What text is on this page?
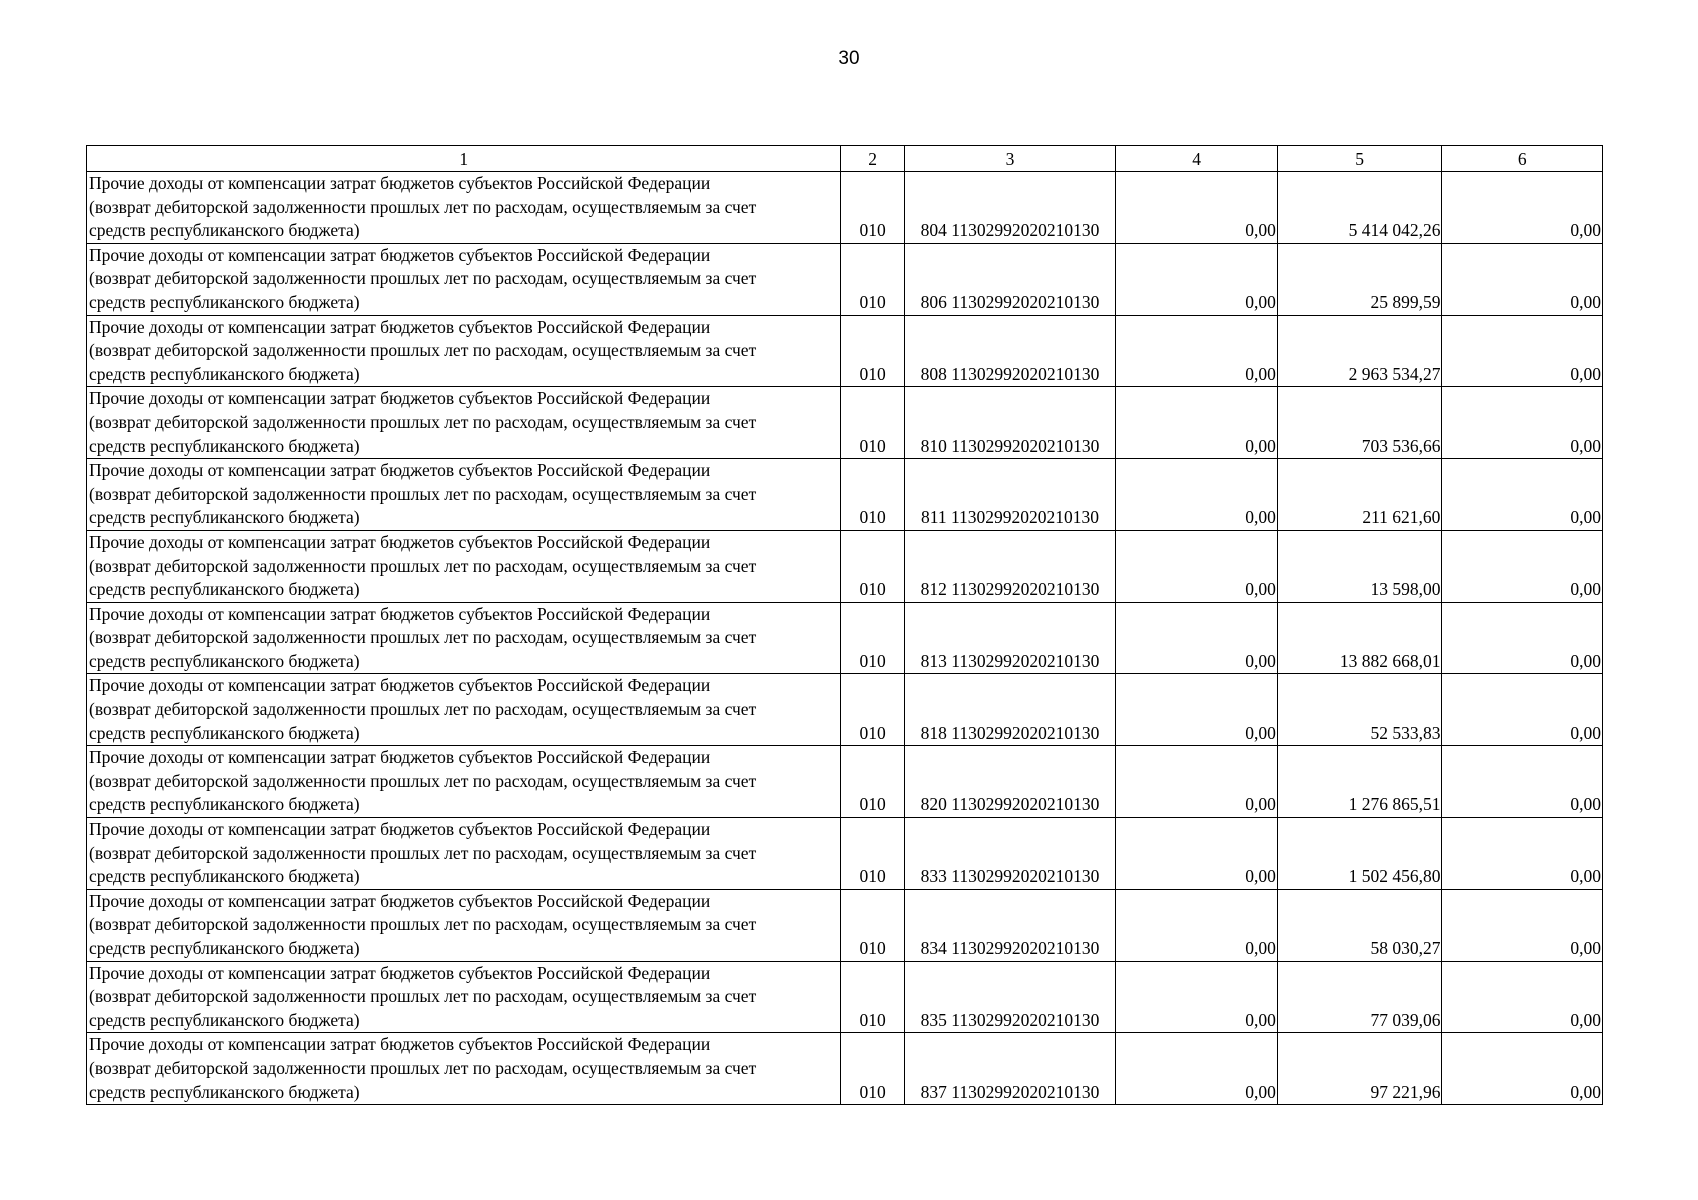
30
1	2	3	4	5	6

Прочие доходы от компенсации затрат бюджетов субъектов Российской Федерации
(возврат дебиторской задолженности прошлых лет по расходам, осуществляемым за счет
средств республиканского бюджета)	010	804 11302992020210130	0,00	5 414 042,26	0,00

Прочие доходы от компенсации затрат бюджетов субъектов Российской Федерации
(возврат дебиторской задолженности прошлых лет по расходам, осуществляемым за счет
средств республиканского бюджета)	010	806 11302992020210130	0,00	25 899,59	0,00

Прочие доходы от компенсации затрат бюджетов субъектов Российской Федерации
(возврат дебиторской задолженности прошлых лет по расходам, осуществляемым за счет
средств республиканского бюджета)	010	808 11302992020210130	0,00	2 963 534,27	0,00

Прочие доходы от компенсации затрат бюджетов субъектов Российской Федерации
(возврат дебиторской задолженности прошлых лет по расходам, осуществляемым за счет
средств республиканского бюджета)	010	810 11302992020210130	0,00	703 536,66	0,00

Прочие доходы от компенсации затрат бюджетов субъектов Российской Федерации
(возврат дебиторской задолженности прошлых лет по расходам, осуществляемым за счет
средств республиканского бюджета)	010	811 11302992020210130	0,00	211 621,60	0,00

Прочие доходы от компенсации затрат бюджетов субъектов Российской Федерации
(возврат дебиторской задолженности прошлых лет по расходам, осуществляемым за счет
средств республиканского бюджета)	010	812 11302992020210130	0,00	13 598,00	0,00

Прочие доходы от компенсации затрат бюджетов субъектов Российской Федерации
(возврат дебиторской задолженности прошлых лет по расходам, осуществляемым за счет
средств республиканского бюджета)	010	813 11302992020210130	0,00	13 882 668,01	0,00

Прочие доходы от компенсации затрат бюджетов субъектов Российской Федерации
(возврат дебиторской задолженности прошлых лет по расходам, осуществляемым за счет
средств республиканского бюджета)	010	818 11302992020210130	0,00	52 533,83	0,00

Прочие доходы от компенсации затрат бюджетов субъектов Российской Федерации
(возврат дебиторской задолженности прошлых лет по расходам, осуществляемым за счет
средств республиканского бюджета)	010	820 11302992020210130	0,00	1 276 865,51	0,00

Прочие доходы от компенсации затрат бюджетов субъектов Российской Федерации
(возврат дебиторской задолженности прошлых лет по расходам, осуществляемым за счет
средств республиканского бюджета)	010	833 11302992020210130	0,00	1 502 456,80	0,00

Прочие доходы от компенсации затрат бюджетов субъектов Российской Федерации
(возврат дебиторской задолженности прошлых лет по расходам, осуществляемым за счет
средств республиканского бюджета)	010	834 11302992020210130	0,00	58 030,27	0,00

Прочие доходы от компенсации затрат бюджетов субъектов Российской Федерации
(возврат дебиторской задолженности прошлых лет по расходам, осуществляемым за счет
средств республиканского бюджета)	010	835 11302992020210130	0,00	77 039,06	0,00

Прочие доходы от компенсации затрат бюджетов субъектов Российской Федерации
(возврат дебиторской задолженности прошлых лет по расходам, осуществляемым за счет
средств республиканского бюджета)	010	837 11302992020210130	0,00	97 221,96	0,00
